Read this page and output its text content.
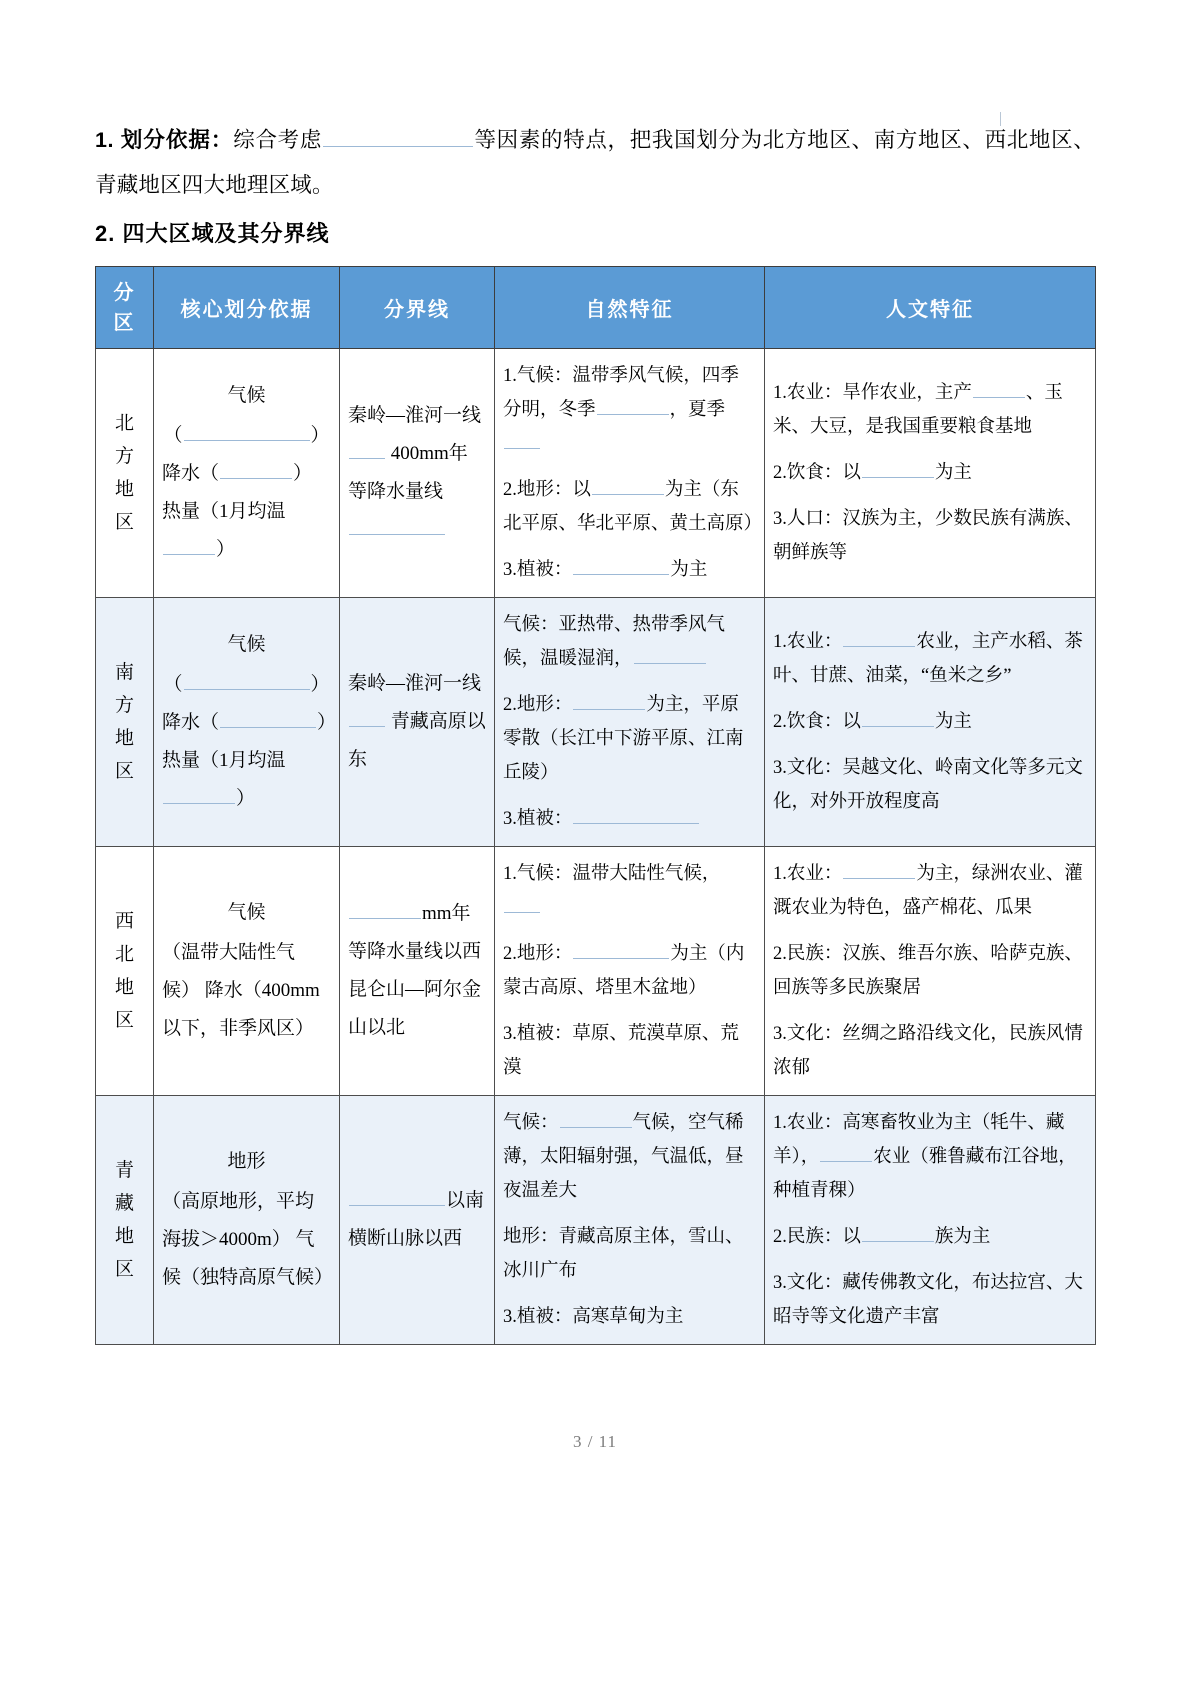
1. 划分依据：综合考虑	等因素的特点，把我国划分为北方地区、南方地区、西北地区、青藏地区四大地理区域。

2. 四大区域及其分界线
分区	核心划分依据	分界线	自然特征	人文特征

北
方
地
区	气候
（ ）
降水（ ）热量（1月均温）	秦岭—淮河一线 400mm年等降水量线	1.气候：温带季风气候，四季分明，冬季 ，夏季
2.地形：以 为主（东北平原、华北平原、黄土高原）
3.植被： 为主	1.农业：旱作农业，主产 、玉米、大豆，是我国重要粮食基地
2.饮食：以 为主
3.人口：汉族为主，少数民族有满族、朝鲜族等

南
方
地
区	气候
（ ）
降水（ ）热量（1月均温）	秦岭—淮河一线 青藏高原以东	气候：亚热带、热带季风气候，温暖湿润，
2.地形： 为主，平原零散（长江中下游平原、江南丘陵）
3.植被：	1.农业： 农业，主产水稻、茶叶、甘蔗、油菜，“鱼米之乡”
2.饮食：以 为主
3.文化：吴越文化、岭南文化等多元文化，对外开放程度高

西
北
地
区	气候
（温带大陆性气候） 降水（400mm以下，非季风区）	mm年等降水量线以西昆仑山—阿尔金山以北	1.气候：温带大陆性气候，
2.地形： 为主（内蒙古高原、塔里木盆地）
3.植被：草原、荒漠草原、荒漠	1.农业： 为主，绿洲农业、灌溉农业为特色，盛产棉花、瓜果
2.民族：汉族、维吾尔族、哈萨克族、回族等多民族聚居
3.文化：丝绸之路沿线文化，民族风情浓郁

青
藏
地
区	地形
（高原地形，平均海拔＞4000m） 气候（独特高原气候）	以南 横断山脉以西	气候： 气候，空气稀薄，太阳辐射强，气温低，昼夜温差大
地形：青藏高原主体，雪山、冰川广布
3.植被：高寒草甸为主	1.农业：高寒畜牧业为主（牦牛、藏羊）， 农业（雅鲁藏布江谷地，种植青稞）
2.民族：以 族为主
3.文化：藏传佛教文化，布达拉宫、大昭寺等文化遗产丰富
3 / 11
